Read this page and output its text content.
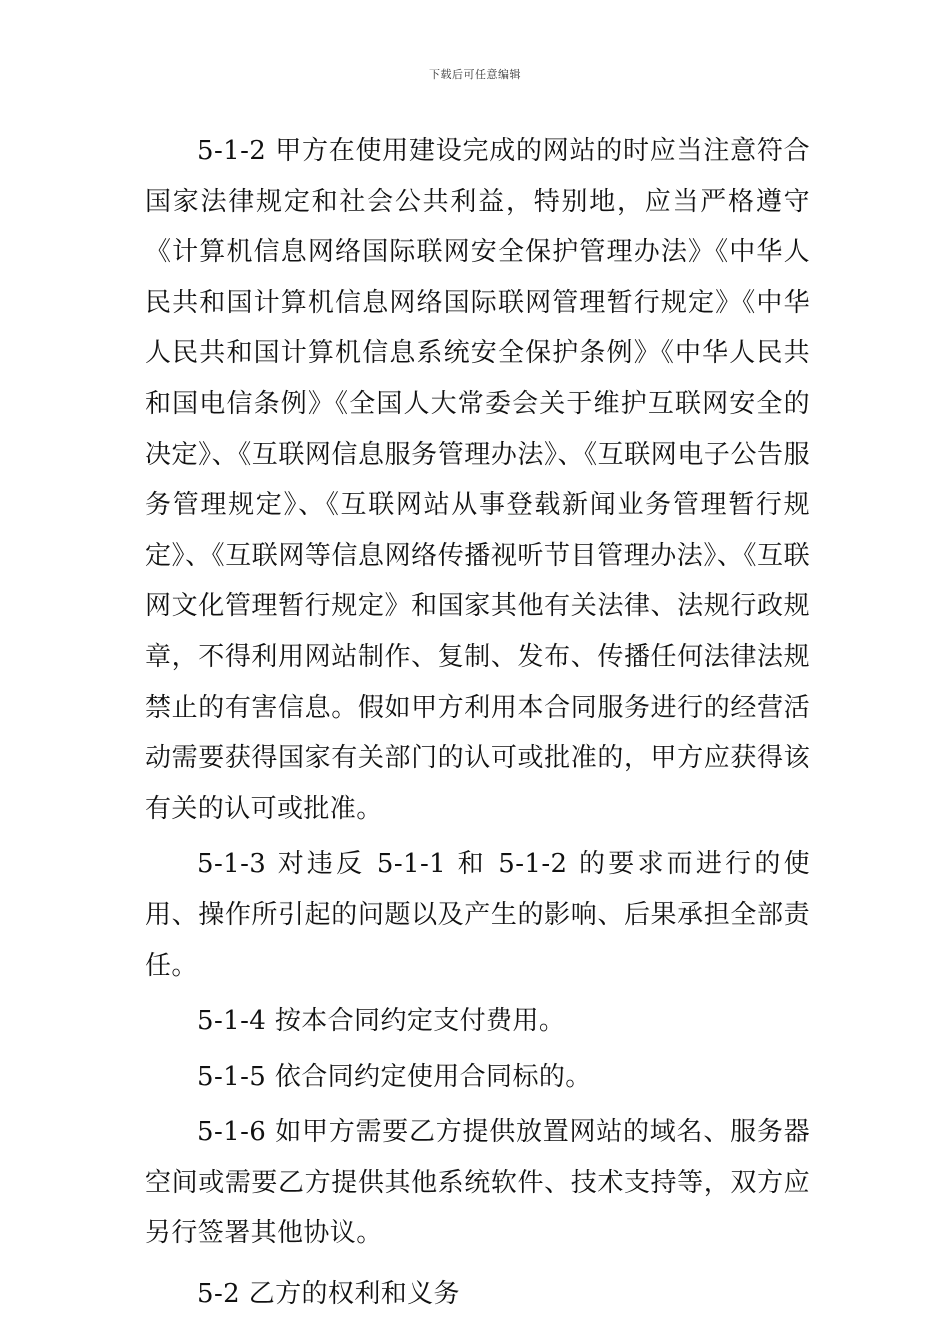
下载后可任意编辑

5-1-2 甲方在使用建设完成的网站的时应当注意符合国家法律规定和社会公共利益，特别地，应当严格遵守《计算机信息网络国际联网安全保护管理办法》《中华人民共和国计算机信息网络国际联网管理暂行规定》《中华人民共和国计算机信息系统安全保护条例》《中华人民共和国电信条例》《全国人大常委会关于维护互联网安全的决定》、《互联网信息服务管理办法》、《互联网电子公告服务管理规定》、《互联网站从事登载新闻业务管理暂行规定》、《互联网等信息网络传播视听节目管理办法》、《互联网文化管理暂行规定》和国家其他有关法律、法规行政规章，不得利用网站制作、复制、发布、传播任何法律法规禁止的有害信息。假如甲方利用本合同服务进行的经营活动需要获得国家有关部门的认可或批准的，甲方应获得该有关的认可或批准。

5-1-3 对违反 5-1-1 和 5-1-2 的要求而进行的使用、操作所引起的问题以及产生的影响、后果承担全部责任。

5-1-4 按本合同约定支付费用。

5-1-5 依合同约定使用合同标的。

5-1-6 如甲方需要乙方提供放置网站的域名、服务器空间或需要乙方提供其他系统软件、技术支持等，双方应另行签署其他协议。

5-2 乙方的权利和义务
